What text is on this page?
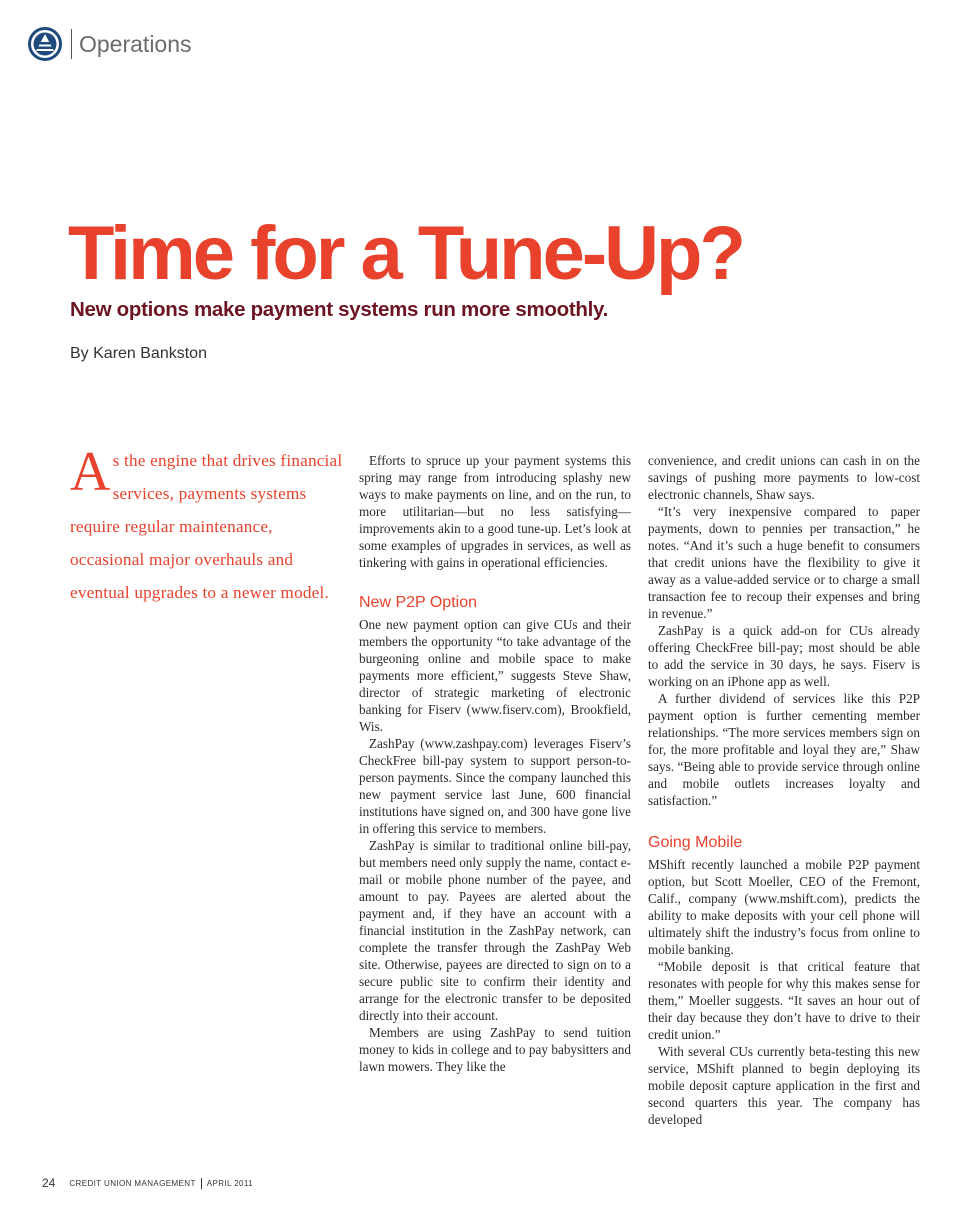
Operations
Time for a Tune-Up?
New options make payment systems run more smoothly.

By Karen Bankston

As the engine that drives financial services, payments systems require regular maintenance, occasional major overhauls and eventual upgrades to a newer model.

Efforts to spruce up your payment systems this spring may range from introducing splashy new ways to make payments on line, and on the run, to more utilitarian—but no less satisfying—improvements akin to a good tune-up. Let’s look at some examples of upgrades in services, as well as tinkering with gains in operational efficiencies.

New P2P Option

One new payment option can give CUs and their members the opportunity “to take advantage of the burgeoning online and mobile space to make payments more efficient,” suggests Steve Shaw, director of strategic marketing of electronic banking for Fiserv (www.fiserv.com), Brookfield, Wis.

ZashPay (www.zashpay.com) leverages Fiserv’s CheckFree bill-pay system to support person-to-person payments. Since the company launched this new payment service last June, 600 financial institutions have signed on, and 300 have gone live in offering this service to members.

ZashPay is similar to traditional online bill-pay, but members need only supply the name, contact e-mail or mobile phone number of the payee, and amount to pay. Payees are alerted about the payment and, if they have an account with a financial institution in the ZashPay network, can complete the transfer through the ZashPay Web site. Otherwise, payees are directed to sign on to a secure public site to confirm their identity and arrange for the electronic transfer to be deposited directly into their account.

Members are using ZashPay to send tuition money to kids in college and to pay babysitters and lawn mowers. They like the

convenience, and credit unions can cash in on the savings of pushing more payments to low-cost electronic channels, Shaw says.

“It’s very inexpensive compared to paper payments, down to pennies per transaction,” he notes. “And it’s such a huge benefit to consumers that credit unions have the flexibility to give it away as a value-added service or to charge a small transaction fee to recoup their expenses and bring in revenue.”

ZashPay is a quick add-on for CUs already offering CheckFree bill-pay; most should be able to add the service in 30 days, he says. Fiserv is working on an iPhone app as well.

A further dividend of services like this P2P payment option is further cementing member relationships. “The more services members sign on for, the more profitable and loyal they are,” Shaw says. “Being able to provide service through online and mobile outlets increases loyalty and satisfaction.”

Going Mobile

MShift recently launched a mobile P2P payment option, but Scott Moeller, CEO of the Fremont, Calif., company (www.mshift.com), predicts the ability to make deposits with your cell phone will ultimately shift the industry’s focus from online to mobile banking.

“Mobile deposit is that critical feature that resonates with people for why this makes sense for them,” Moeller suggests. “It saves an hour out of their day because they don’t have to drive to their credit union.”

With several CUs currently beta-testing this new service, MShift planned to begin deploying its mobile deposit capture application in the first and second quarters this year. The company has developed

24 CREDIT UNION MANAGEMENT APRIL 2011
